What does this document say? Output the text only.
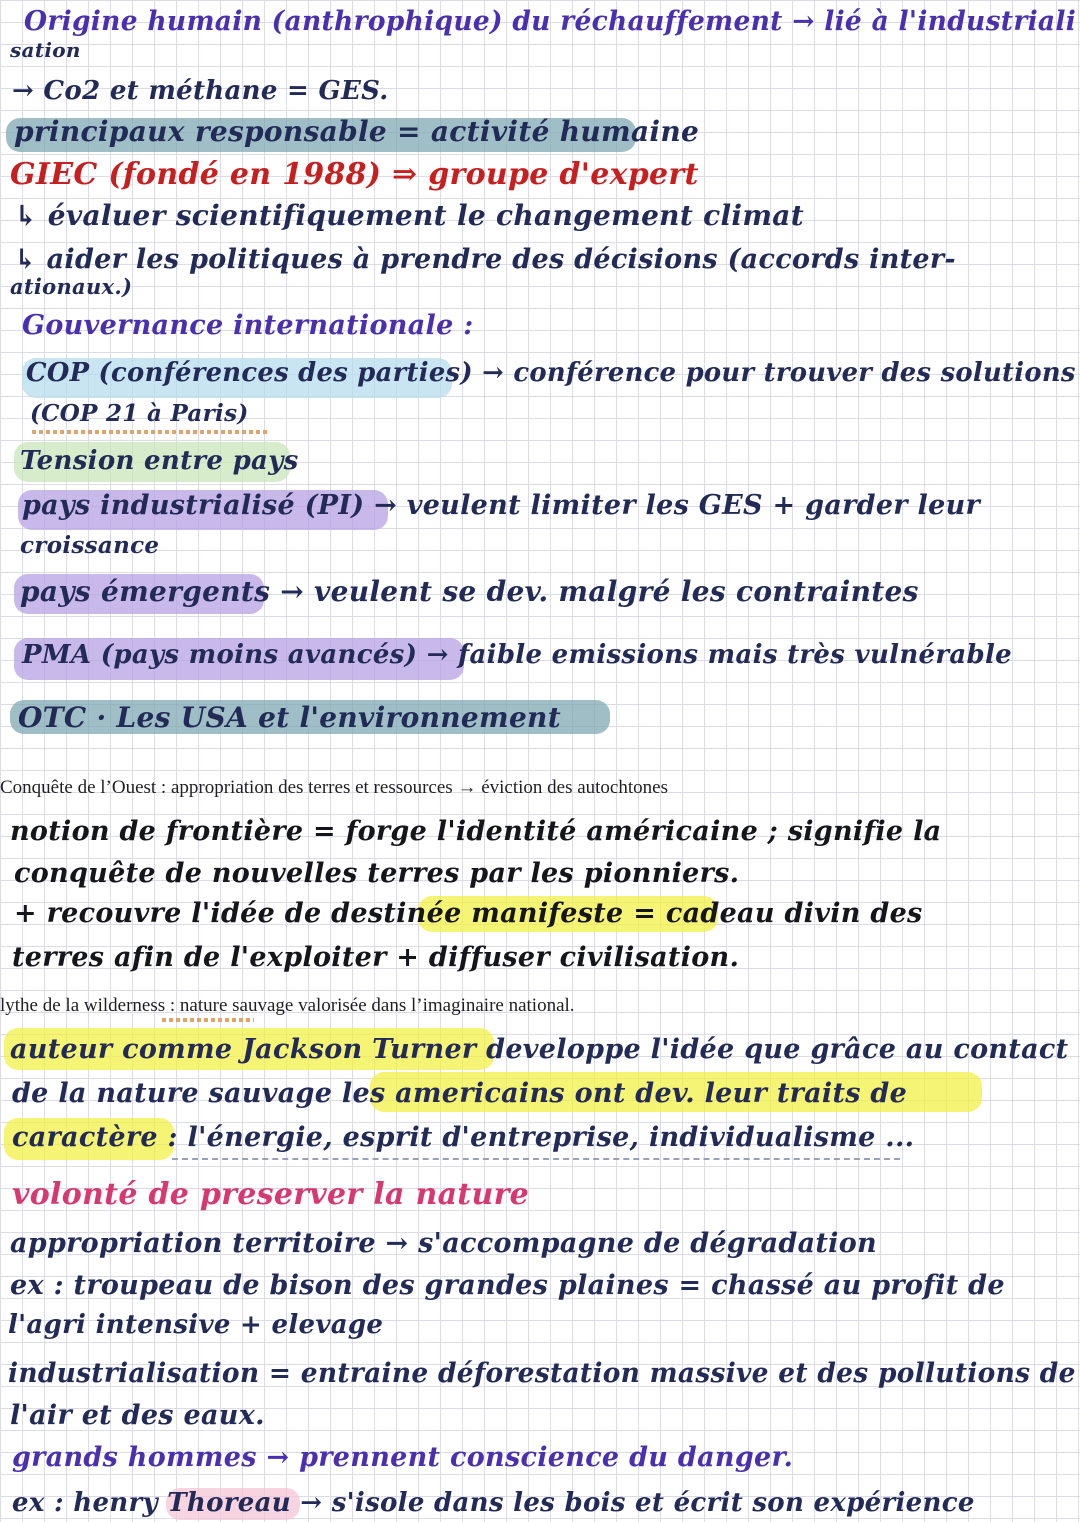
Origine humain (anthrophique) du réchauffement → lié à l'industriali
sation
→ Co2 et méthane = GES.
principaux responsable = activité humaine
GIEC (fondé en 1988) ⇒ groupe d'expert
↳ évaluer scientifiquement le changement climat
↳ aider les politiques à prendre des décisions (accords inter-
ationaux.)
Gouvernance internationale :
COP (conférences des parties) → conférence pour trouver des solutions
(COP 21 à Paris)
Tension entre pays
pays industrialisé (PI) → veulent limiter les GES + garder leur
croissance
pays émergents → veulent se dev. malgré les contraintes
PMA (pays moins avancés) → faible emissions mais très vulnérable
OTC · Les USA et l'environnement
Conquête de l’Ouest : appropriation des terres et ressources → éviction des autochtones
notion de frontière = forge l'identité américaine ; signifie la
conquête de nouvelles terres par les pionniers.
+ recouvre l'idée de destinée manifeste = cadeau divin des
terres afin de l'exploiter + diffuser civilisation.
lythe de la wilderness : nature sauvage valorisée dans l’imaginaire national.
auteur comme Jackson Turner developpe l'idée que grâce au contact
de la nature sauvage les americains ont dev. leur traits de
caractère : l'énergie, esprit d'entreprise, individualisme ...
volonté de preserver la nature
appropriation territoire → s'accompagne de dégradation
ex : troupeau de bison des grandes plaines = chassé au profit de
l'agri intensive + elevage
industrialisation = entraine déforestation massive et des pollutions de
l'air et des eaux.
grands hommes → prennent conscience du danger.
ex : henry Thoreau → s'isole dans les bois et écrit son expérience
